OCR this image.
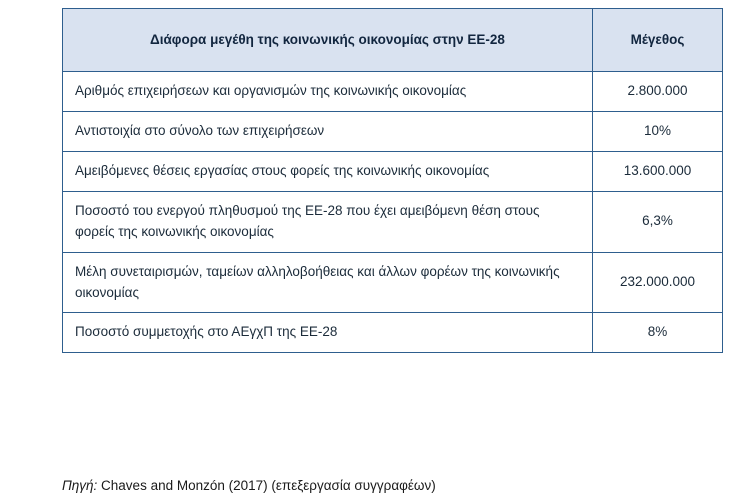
Διάφορα μεγέθη της κοινωνικής οικονομίας στην ΕΕ-28	Μέγεθος
Αριθμός επιχειρήσεων και οργανισμών της κοινωνικής οικονομίας	2.800.000
Αντιστοιχία στο σύνολο των επιχειρήσεων	10%
Αμειβόμενες θέσεις εργασίας στους φορείς της κοινωνικής οικονομίας	13.600.000
Ποσοστό του ενεργού πληθυσμού της ΕΕ-28 που έχει αμειβόμενη θέση στους φορείς της κοινωνικής οικονομίας	6,3%
Μέλη συνεταιρισμών, ταμείων αλληλοβοήθειας και άλλων φορέων της κοινωνικής οικονομίας	232.000.000
Ποσοστό συμμετοχής στο ΑΕγχΠ της ΕΕ-28	8%
Πηγή: Chaves and Monzón (2017) (επεξεργασία συγγραφέων)
